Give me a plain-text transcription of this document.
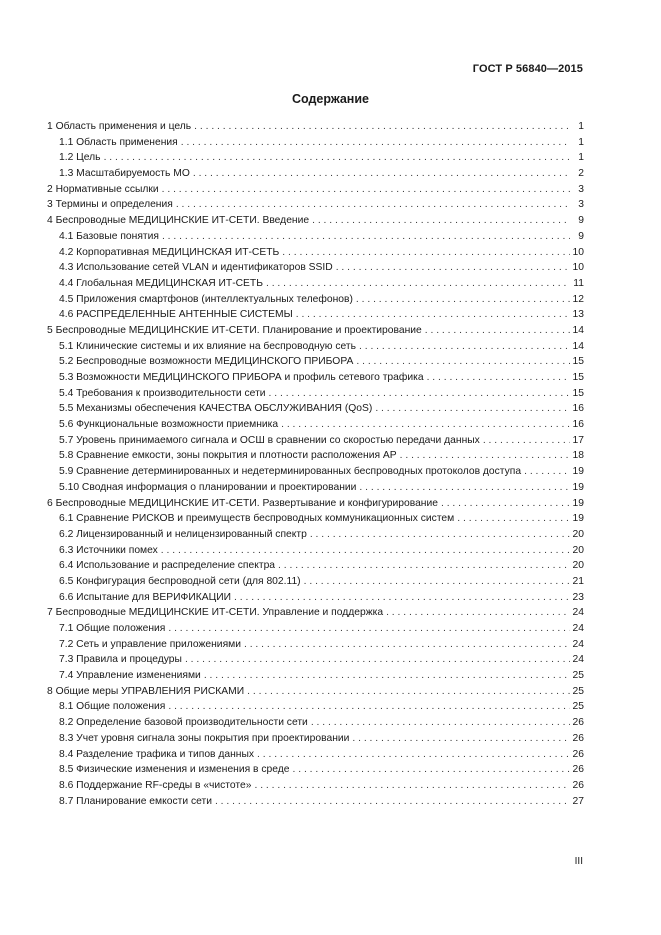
ГОСТ Р 56840—2015
Содержание
1 Область применения и цель . . .	1
1.1 Область применения . . .	1
1.2 Цель . . .	1
1.3 Масштабируемость МО . . .	2
2 Нормативные ссылки . . .	3
3 Термины и определения . . .	3
4 Беспроводные МЕДИЦИНСКИЕ ИТ-СЕТИ. Введение . . .	9
4.1 Базовые понятия . . .	9
4.2 Корпоративная МЕДИЦИНСКАЯ ИТ-СЕТЬ . . .	10
4.3 Использование сетей VLAN и идентификаторов SSID . . .	10
4.4 Глобальная МЕДИЦИНСКАЯ ИТ-СЕТЬ . . .	11
4.5 Приложения смартфонов (интеллектуальных телефонов) . . .	12
4.6 РАСПРЕДЕЛЕННЫЕ АНТЕННЫЕ СИСТЕМЫ . . .	13
5 Беспроводные МЕДИЦИНСКИЕ ИТ-СЕТИ. Планирование и проектирование . . .	14
5.1 Клинические системы и их влияние на беспроводную сеть . . .	14
5.2 Беспроводные возможности МЕДИЦИНСКОГО ПРИБОРА . . .	15
5.3 Возможности МЕДИЦИНСКОГО ПРИБОРА и профиль сетевого трафика . . .	15
5.4 Требования к производительности сети . . .	15
5.5 Механизмы обеспечения КАЧЕСТВА ОБСЛУЖИВАНИЯ (QoS) . . .	16
5.6 Функциональные возможности приемника . . .	16
5.7 Уровень принимаемого сигнала и ОСШ в сравнении со скоростью передачи данных . . .	17
5.8 Сравнение емкости, зоны покрытия и плотности расположения АР . . .	18
5.9 Сравнение детерминированных и недетерминированных беспроводных протоколов доступа . . .	19
5.10 Сводная информация о планировании и проектировании . . .	19
6 Беспроводные МЕДИЦИНСКИЕ ИТ-СЕТИ. Развертывание и конфигурирование . . .	19
6.1 Сравнение РИСКОВ и преимуществ беспроводных коммуникационных систем . . .	19
6.2 Лицензированный и нелицензированный спектр . . .	20
6.3 Источники помех . . .	20
6.4 Использование и распределение спектра . . .	20
6.5 Конфигурация беспроводной сети (для 802.11) . . .	21
6.6 Испытание для ВЕРИФИКАЦИИ . . .	23
7 Беспроводные МЕДИЦИНСКИЕ ИТ-СЕТИ. Управление и поддержка . . .	24
7.1 Общие положения . . .	24
7.2 Сеть и управление приложениями . . .	24
7.3 Правила и процедуры . . .	24
7.4 Управление изменениями . . .	25
8 Общие меры УПРАВЛЕНИЯ РИСКАМИ . . .	25
8.1 Общие положения . . .	25
8.2 Определение базовой производительности сети . . .	26
8.3 Учет уровня сигнала зоны покрытия при проектировании . . .	26
8.4 Разделение трафика и типов данных . . .	26
8.5 Физические изменения и изменения в среде . . .	26
8.6 Поддержание RF-среды в «чистоте» . . .	26
8.7 Планирование емкости сети . . .	27
III
